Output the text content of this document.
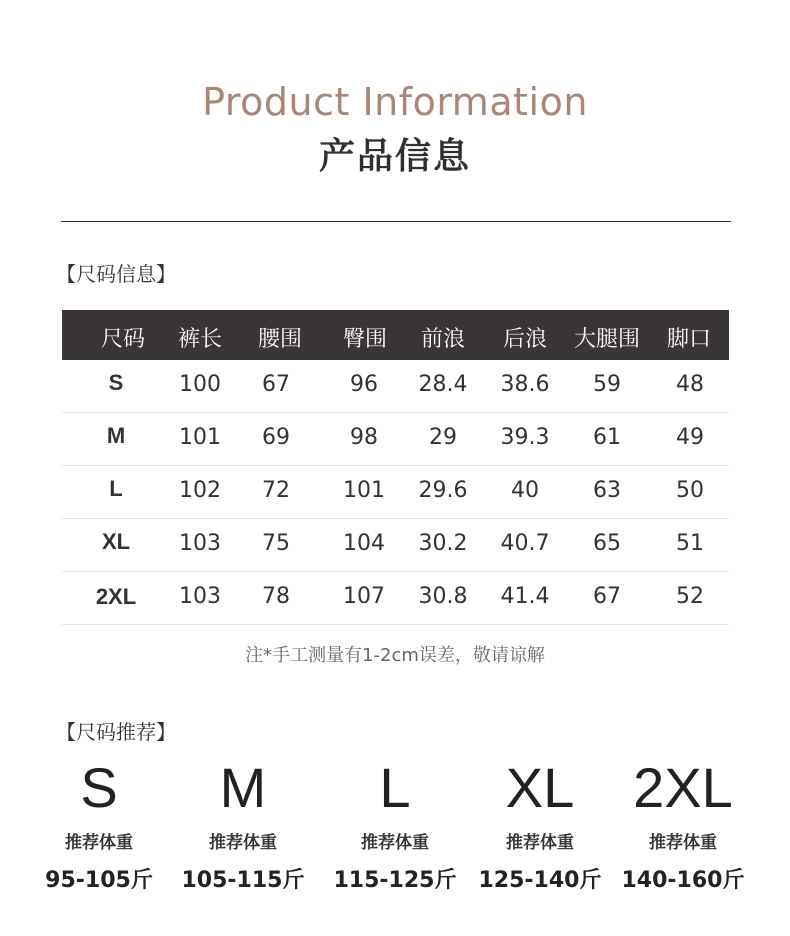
Product Information
产品信息
【尺码信息】
尺码	裤长	腰围	臀围	前浪	后浪	大腿围	脚口
S	100	67	96	28.4	38.6	59	48
M	101	69	98	29	39.3	61	49
L	102	72	101	29.6	40	63	50
XL	103	75	104	30.2	40.7	65	51
2XL	103	78	107	30.8	41.4	67	52
注*手工测量有1-2cm误差，敬请谅解
【尺码推荐】
S
推荐体重
95-105斤
M
推荐体重
105-115斤
L
推荐体重
115-125斤
XL
推荐体重
125-140斤
2XL
推荐体重
140-160斤
